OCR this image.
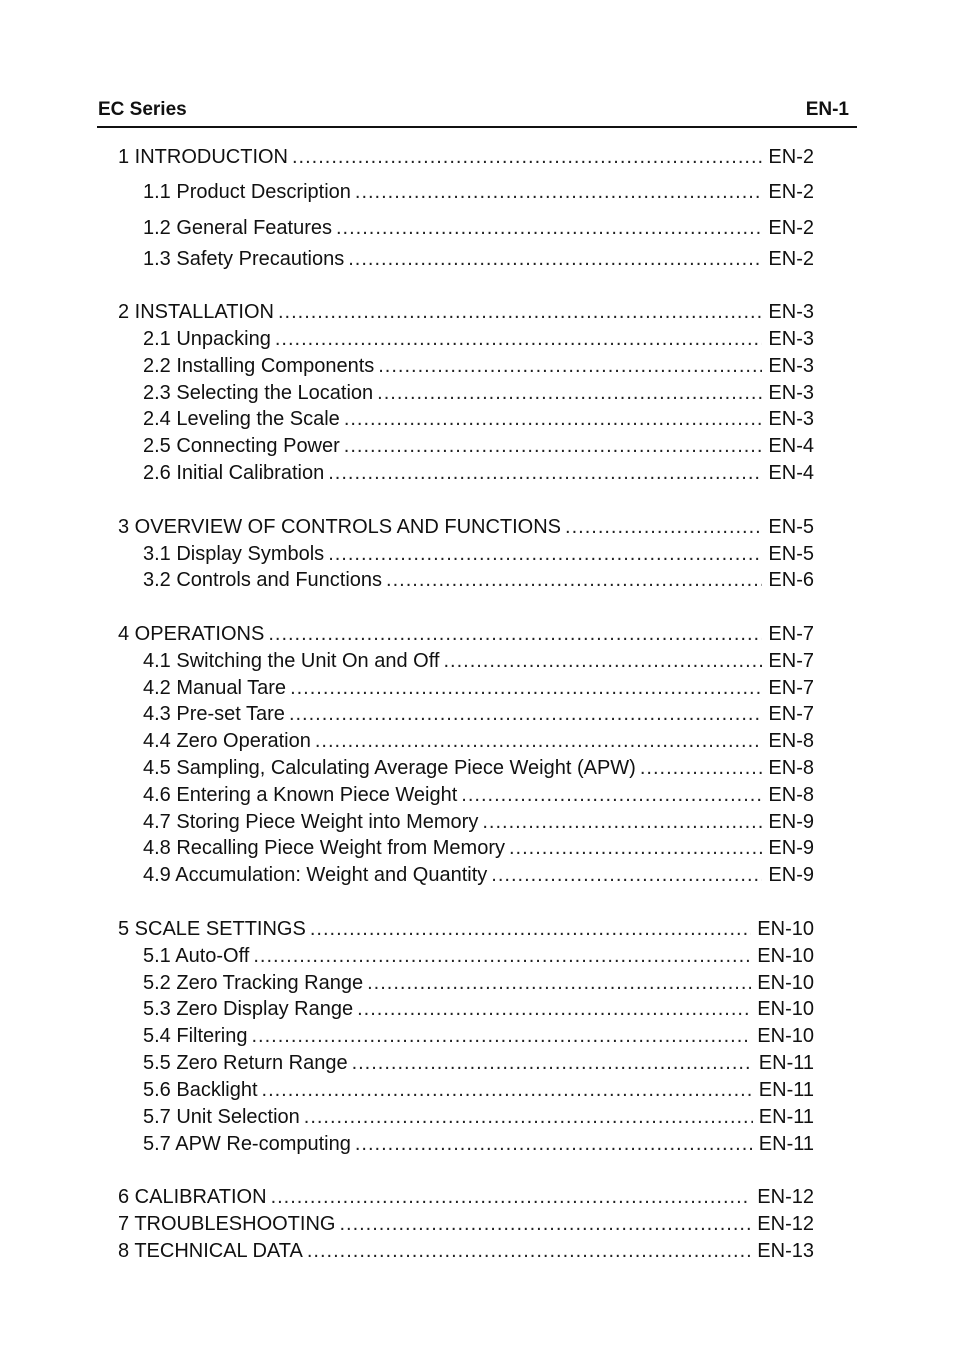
EC Series	EN-1
1 INTRODUCTION .....	EN-2
1.1 Product Description .....	EN-2
1.2 General Features .....	EN-2
1.3 Safety Precautions .....	EN-2
2 INSTALLATION .....	EN-3
2.1 Unpacking .....	EN-3
2.2 Installing Components .....	EN-3
2.3 Selecting the Location .....	EN-3
2.4 Leveling the Scale .....	EN-3
2.5 Connecting Power .....	EN-4
2.6 Initial Calibration .....	EN-4
3 OVERVIEW OF CONTROLS AND FUNCTIONS .....	EN-5
3.1 Display Symbols .....	EN-5
3.2 Controls and Functions .....	EN-6
4 OPERATIONS .....	EN-7
4.1 Switching the Unit On and Off .....	EN-7
4.2 Manual Tare .....	EN-7
4.3 Pre-set Tare .....	EN-7
4.4 Zero Operation .....	EN-8
4.5 Sampling, Calculating Average Piece Weight (APW) .....	EN-8
4.6 Entering a Known Piece Weight .....	EN-8
4.7 Storing Piece Weight into Memory .....	EN-9
4.8 Recalling Piece Weight from Memory .....	EN-9
4.9 Accumulation: Weight and Quantity .....	EN-9
5 SCALE SETTINGS .....	EN-10
5.1 Auto-Off .....	EN-10
5.2 Zero Tracking Range .....	EN-10
5.3 Zero Display Range .....	EN-10
5.4 Filtering .....	EN-10
5.5 Zero Return Range .....	EN-11
5.6 Backlight .....	EN-11
5.7 Unit Selection .....	EN-11
5.7 APW Re-computing .....	EN-11
6 CALIBRATION .....	EN-12
7 TROUBLESHOOTING .....	EN-12
8 TECHNICAL DATA .....	EN-13
